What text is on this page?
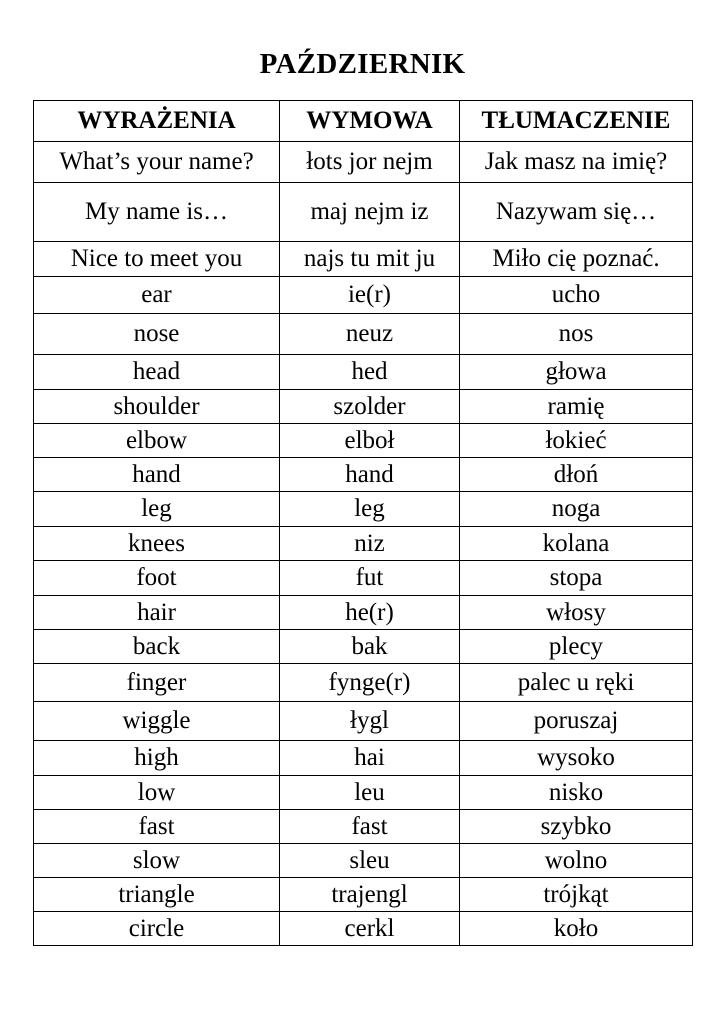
PAŹDZIERNIK
WYRAŻENIA	WYMOWA	TŁUMACZENIE
What’s your name?	łots jor nejm	Jak masz na imię?
My name is…	maj nejm iz	Nazywam się…
Nice to meet you	najs tu mit ju	Miło cię poznać.
ear	ie(r)	ucho
nose	neuz	nos
head	hed	głowa
shoulder	szolder	ramię
elbow	elboł	łokieć
hand	hand	dłoń
leg	leg	noga
knees	niz	kolana
foot	fut	stopa
hair	he(r)	włosy
back	bak	plecy
finger	fynge(r)	palec u ręki
wiggle	łygl	poruszaj
high	hai	wysoko
low	leu	nisko
fast	fast	szybko
slow	sleu	wolno
triangle	trajengl	trójkąt
circle	cerkl	koło
